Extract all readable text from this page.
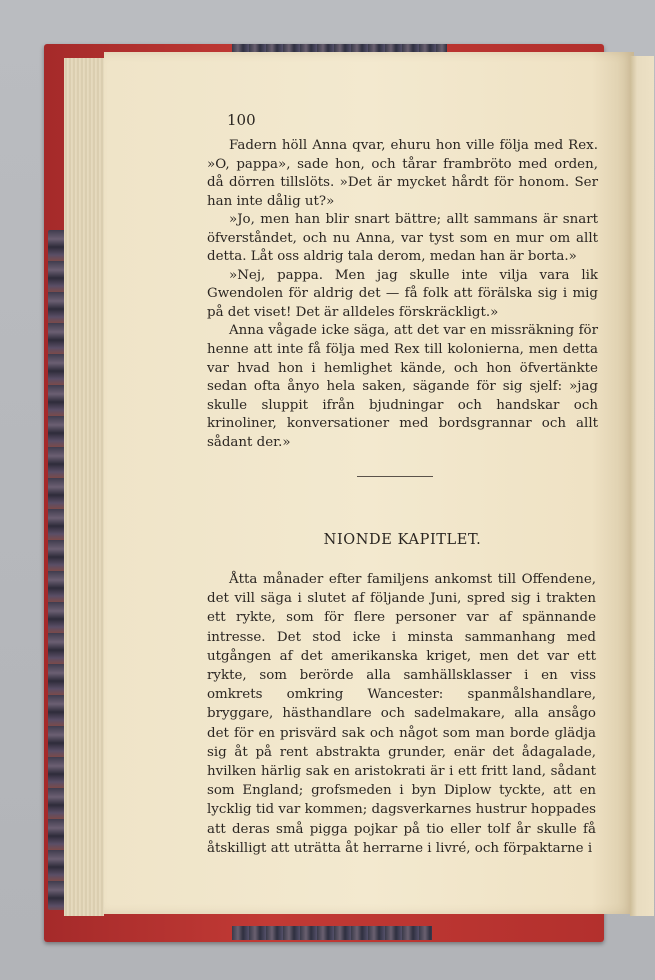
100

Fadern höll Anna qvar, ehuru hon ville följa med Rex. »O, pappa», sade hon, och tårar frambröto med orden, då dörren tillslöts. »Det är mycket hårdt för honom. Ser han inte dålig ut?»

»Jo, men han blir snart bättre; allt sammans är snart öfverståndet, och nu Anna, var tyst som en mur om allt detta. Låt oss aldrig tala derom, medan han är borta.»

»Nej, pappa. Men jag skulle inte vilja vara lik Gwendolen för aldrig det — få folk att förälska sig i mig på det viset! Det är alldeles förskräckligt.»

Anna vågade icke säga, att det var en missräkning för henne att inte få följa med Rex till kolonierna, men detta var hvad hon i hemlighet kände, och hon öfvertänkte sedan ofta ånyo hela saken, sägande för sig sjelf: »jag skulle sluppit ifrån bjudningar och handskar och krinoliner, konversationer med bordsgrannar och allt sådant der.»

NIONDE KAPITLET.

Åtta månader efter familjens ankomst till Offendene, det vill säga i slutet af följande Juni, spred sig i trakten ett rykte, som för flere personer var af spännande intresse. Det stod icke i minsta sammanhang med utgången af det amerikanska kriget, men det var ett rykte, som berörde alla samhällsklasser i en viss omkrets omkring Wancester: spanmålshandlare, bryggare, hästhandlare och sadelmakare, alla ansågo det för en prisvärd sak och något som man borde glädja sig åt på rent abstrakta grunder, enär det ådagalade, hvilken härlig sak en aristokrati är i ett fritt land, sådant som England; grofsmeden i byn Diplow tyckte, att en lycklig tid var kommen; dagsverkarnes hustrur hoppades att deras små pigga pojkar på tio eller tolf år skulle få åtskilligt att uträtta åt herrarne i livré, och förpaktarne i
